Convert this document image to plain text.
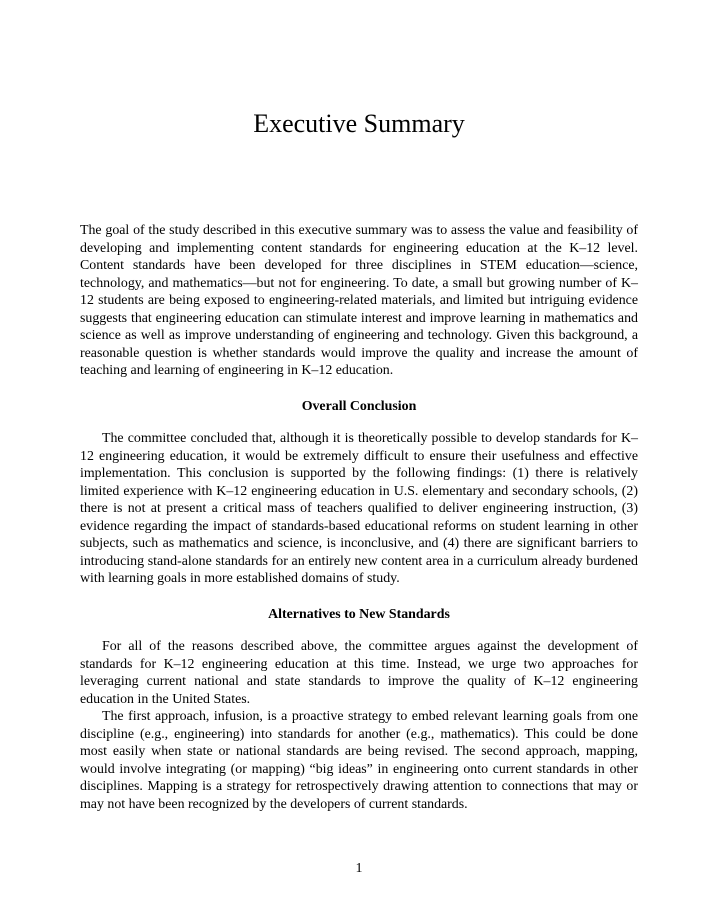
Executive Summary

The goal of the study described in this executive summary was to assess the value and feasibility of developing and implementing content standards for engineering education at the K–12 level. Content standards have been developed for three disciplines in STEM education—science, technology, and mathematics—but not for engineering. To date, a small but growing number of K–12 students are being exposed to engineering-related materials, and limited but intriguing evidence suggests that engineering education can stimulate interest and improve learning in mathematics and science as well as improve understanding of engineering and technology. Given this background, a reasonable question is whether standards would improve the quality and increase the amount of teaching and learning of engineering in K–12 education.

Overall Conclusion

The committee concluded that, although it is theoretically possible to develop standards for K–12 engineering education, it would be extremely difficult to ensure their usefulness and effective implementation. This conclusion is supported by the following findings: (1) there is relatively limited experience with K–12 engineering education in U.S. elementary and secondary schools, (2) there is not at present a critical mass of teachers qualified to deliver engineering instruction, (3) evidence regarding the impact of standards-based educational reforms on student learning in other subjects, such as mathematics and science, is inconclusive, and (4) there are significant barriers to introducing stand-alone standards for an entirely new content area in a curriculum already burdened with learning goals in more established domains of study.

Alternatives to New Standards

For all of the reasons described above, the committee argues against the development of standards for K–12 engineering education at this time. Instead, we urge two approaches for leveraging current national and state standards to improve the quality of K–12 engineering education in the United States.

The first approach, infusion, is a proactive strategy to embed relevant learning goals from one discipline (e.g., engineering) into standards for another (e.g., mathematics). This could be done most easily when state or national standards are being revised. The second approach, mapping, would involve integrating (or mapping) “big ideas” in engineering onto current standards in other disciplines. Mapping is a strategy for retrospectively drawing attention to connections that may or may not have been recognized by the developers of current standards.

1
